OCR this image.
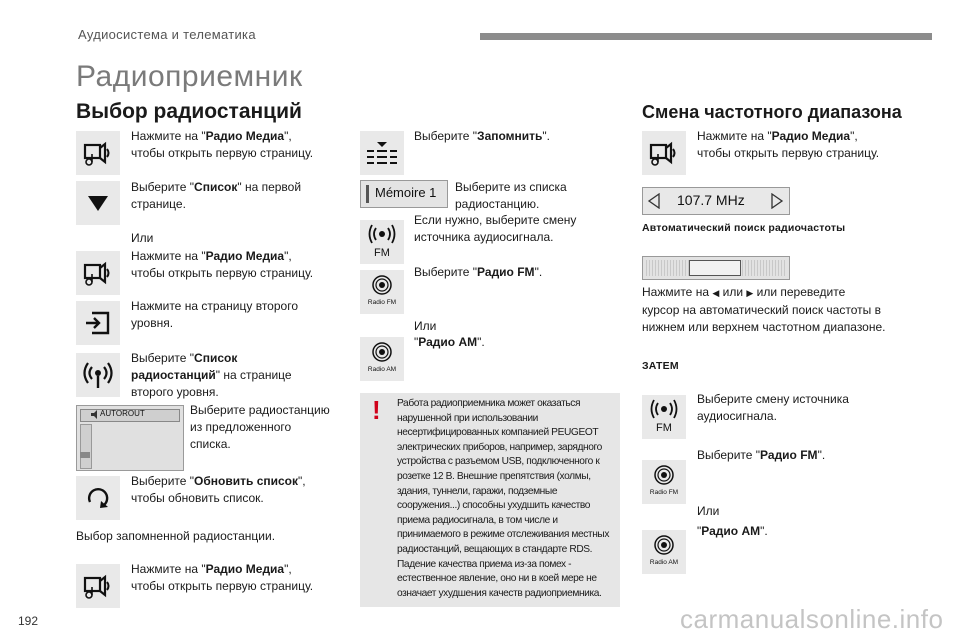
Аудиосистема и телематика
Радиоприемник
Выбор радиостанций
Нажмите на "Радио Медиа",
чтобы открыть первую страницу.
Выберите "Список" на первой
странице.
Или
Нажмите на "Радио Медиа",
чтобы открыть первую страницу.
Нажмите на страницу второго
уровня.
Выберите "Список
радиостанций" на странице
второго уровня.
AUTOROUT	Выберите радиостанцию
из предложенного
списка.
Выберите "Обновить список",
чтобы обновить список.
Выбор запомненной радиостанции.
Нажмите на "Радио Медиа",
чтобы открыть первую страницу.
Выберите "Запомнить".
Mémoire 1 Выберите из списка
радиостанцию.
FM
Если нужно, выберите смену
источника аудиосигнала.
Radio FM
Выберите "Радио FM".
Или
Radio AM
"Радио AM".
! Работа радиоприемника может оказаться нарушенной при использовании несертифицированных компанией PEUGEOT электрических приборов, например, зарядного устройства с разъемом USB, подключенного к розетке 12 В. Внешние препятствия (холмы, здания, туннели, гаражи, подземные сооружения...) способны ухудшить качество приема радиосигнала, в том числе и принимаемого в режиме отслеживания местных радиостанций, вещающих в стандарте RDS. Падение качества приема из-за помех - естественное явление, оно ни в коей мере не означает ухудшения качеств радиоприемника.
Смена частотного диапазона
Нажмите на "Радио Медиа",
чтобы открыть первую страницу.
107.7 MHz
Автоматический поиск радиочастоты
Нажмите на ◀ или ▶ или переведите
курсор на автоматический поиск частоты в
нижнем или верхнем частотном диапазоне.
ЗАТЕМ
FM
Выберите смену источника
аудиосигнала.
Radio FM
Выберите "Радио FM".
Или
Radio AM
"Радио AM".
192	carmanualsonline.info
